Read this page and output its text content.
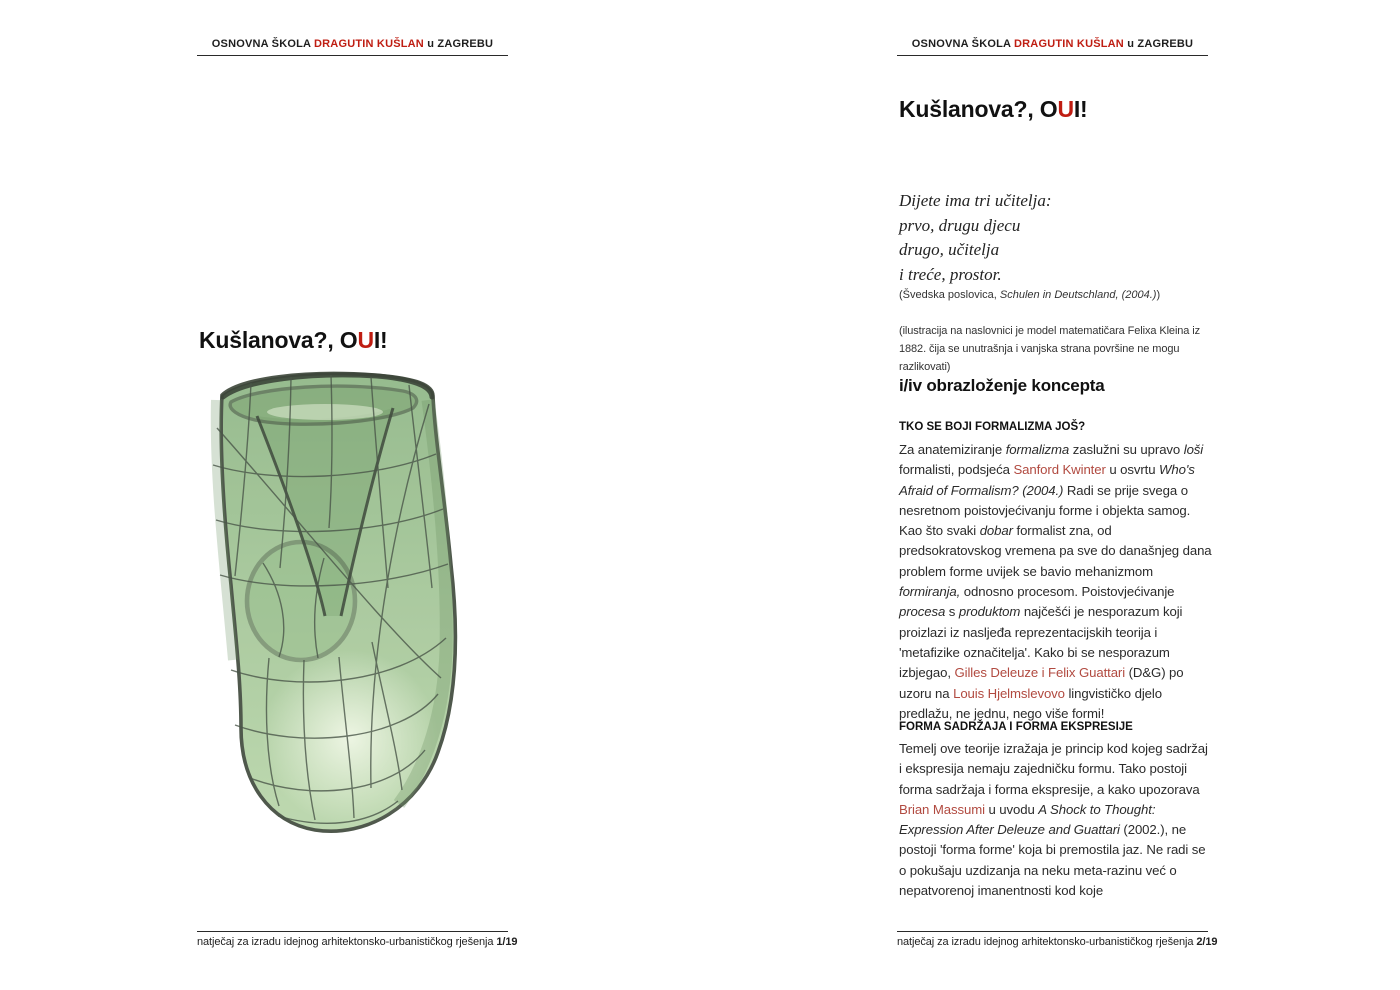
OSNOVNA ŠKOLA DRAGUTIN KUŠLAN u ZAGREBU
Kušlanova?, OUI!
natječaj za izradu idejnog arhitektonsko-urbanističkog rješenja 1/19
OSNOVNA ŠKOLA DRAGUTIN KUŠLAN u ZAGREBU
Kušlanova?, OUI!
Dijete ima tri učitelja:
prvo, drugu djecu
drugo, učitelja
i treće, prostor.

(Švedska poslovica, Schulen in Deutschland, (2004.))

(ilustracija na naslovnici je model matematičara Felixa Kleina iz 1882. čija se unutrašnja i vanjska strana površine ne mogu razlikovati)

i/iv obrazloženje koncepta
TKO SE BOJI FORMALIZMA JOŠ?

Za anatemiziranje formalizma zaslužni su upravo loši formalisti, podsjeća Sanford Kwinter u osvrtu Who's Afraid of Formalism? (2004.) Radi se prije svega o nesretnom poistovjećivanju forme i objekta samog. Kao što svaki dobar formalist zna, od predsokratovskog vremena pa sve do današnjeg dana problem forme uvijek se bavio mehanizmom formiranja, odnosno procesom. Poistovjećivanje procesa s produktom najčešći je nesporazum koji proizlazi iz nasljeđa reprezentacijskih teorija i 'metafizike označitelja'. Kako bi se nesporazum izbjegao, Gilles Deleuze i Felix Guattari (D&G) po uzoru na Louis Hjelmslevovo lingvističko djelo predlažu, ne jednu, nego više formi!

FORMA SADRŽAJA I FORMA EKSPRESIJE

Temelj ove teorije izražaja je princip kod kojeg sadržaj i ekspresija nemaju zajedničku formu. Tako postoji forma sadržaja i forma ekspresije, a kako upozorava Brian Massumi u uvodu A Shock to Thought: Expression After Deleuze and Guattari (2002.), ne postoji 'forma forme' koja bi premostila jaz. Ne radi se o pokušaju uzdizanja na neku meta-razinu već o nepatvorenoj imanentnosti kod koje

natječaj za izradu idejnog arhitektonsko-urbanističkog rješenja 2/19
